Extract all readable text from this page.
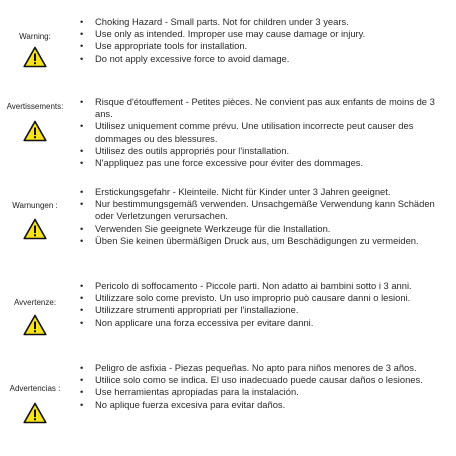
Warning:
• Choking Hazard - Small parts. Not for children under 3 years.
• Use only as intended. Improper use may cause damage or injury.
• Use appropriate tools for installation.
• Do not apply excessive force to avoid damage.
Avertissements:	• Risque d'étouffement - Petites pièces. Ne convient pas aux enfants de moins de 3 ans.
• Utilisez uniquement comme prévu. Une utilisation incorrecte peut causer des dommages ou des blessures.
• Utilisez des outils appropriés pour l'installation.
• N'appliquez pas une force excessive pour éviter des dommages.
Warnungen :
• Erstickungsgefahr - Kleinteile. Nicht für Kinder unter 3 Jahren geeignet.
• Nur bestimmungsgemäß verwenden. Unsachgemäße Verwendung kann Schäden oder Verletzungen verursachen.
• Verwenden Sie geeignete Werkzeuge für die Installation.
• Üben Sie keinen übermäßigen Druck aus, um Beschädigungen zu vermeiden.
Avvertenze:
• Pericolo di soffocamento - Piccole parti. Non adatto ai bambini sotto i 3 anni.
• Utilizzare solo come previsto. Un uso improprio può causare danni o lesioni.
• Utilizzare strumenti appropriati per l'installazione.
• Non applicare una forza eccessiva per evitare danni.
Advertencias :
• Peligro de asfixia - Piezas pequeñas. No apto para niños menores de 3 años.
• Utilice solo como se indica. El uso inadecuado puede causar daños o lesiones.
• Use herramientas apropiadas para la instalación.
• No aplique fuerza excesiva para evitar daños.
